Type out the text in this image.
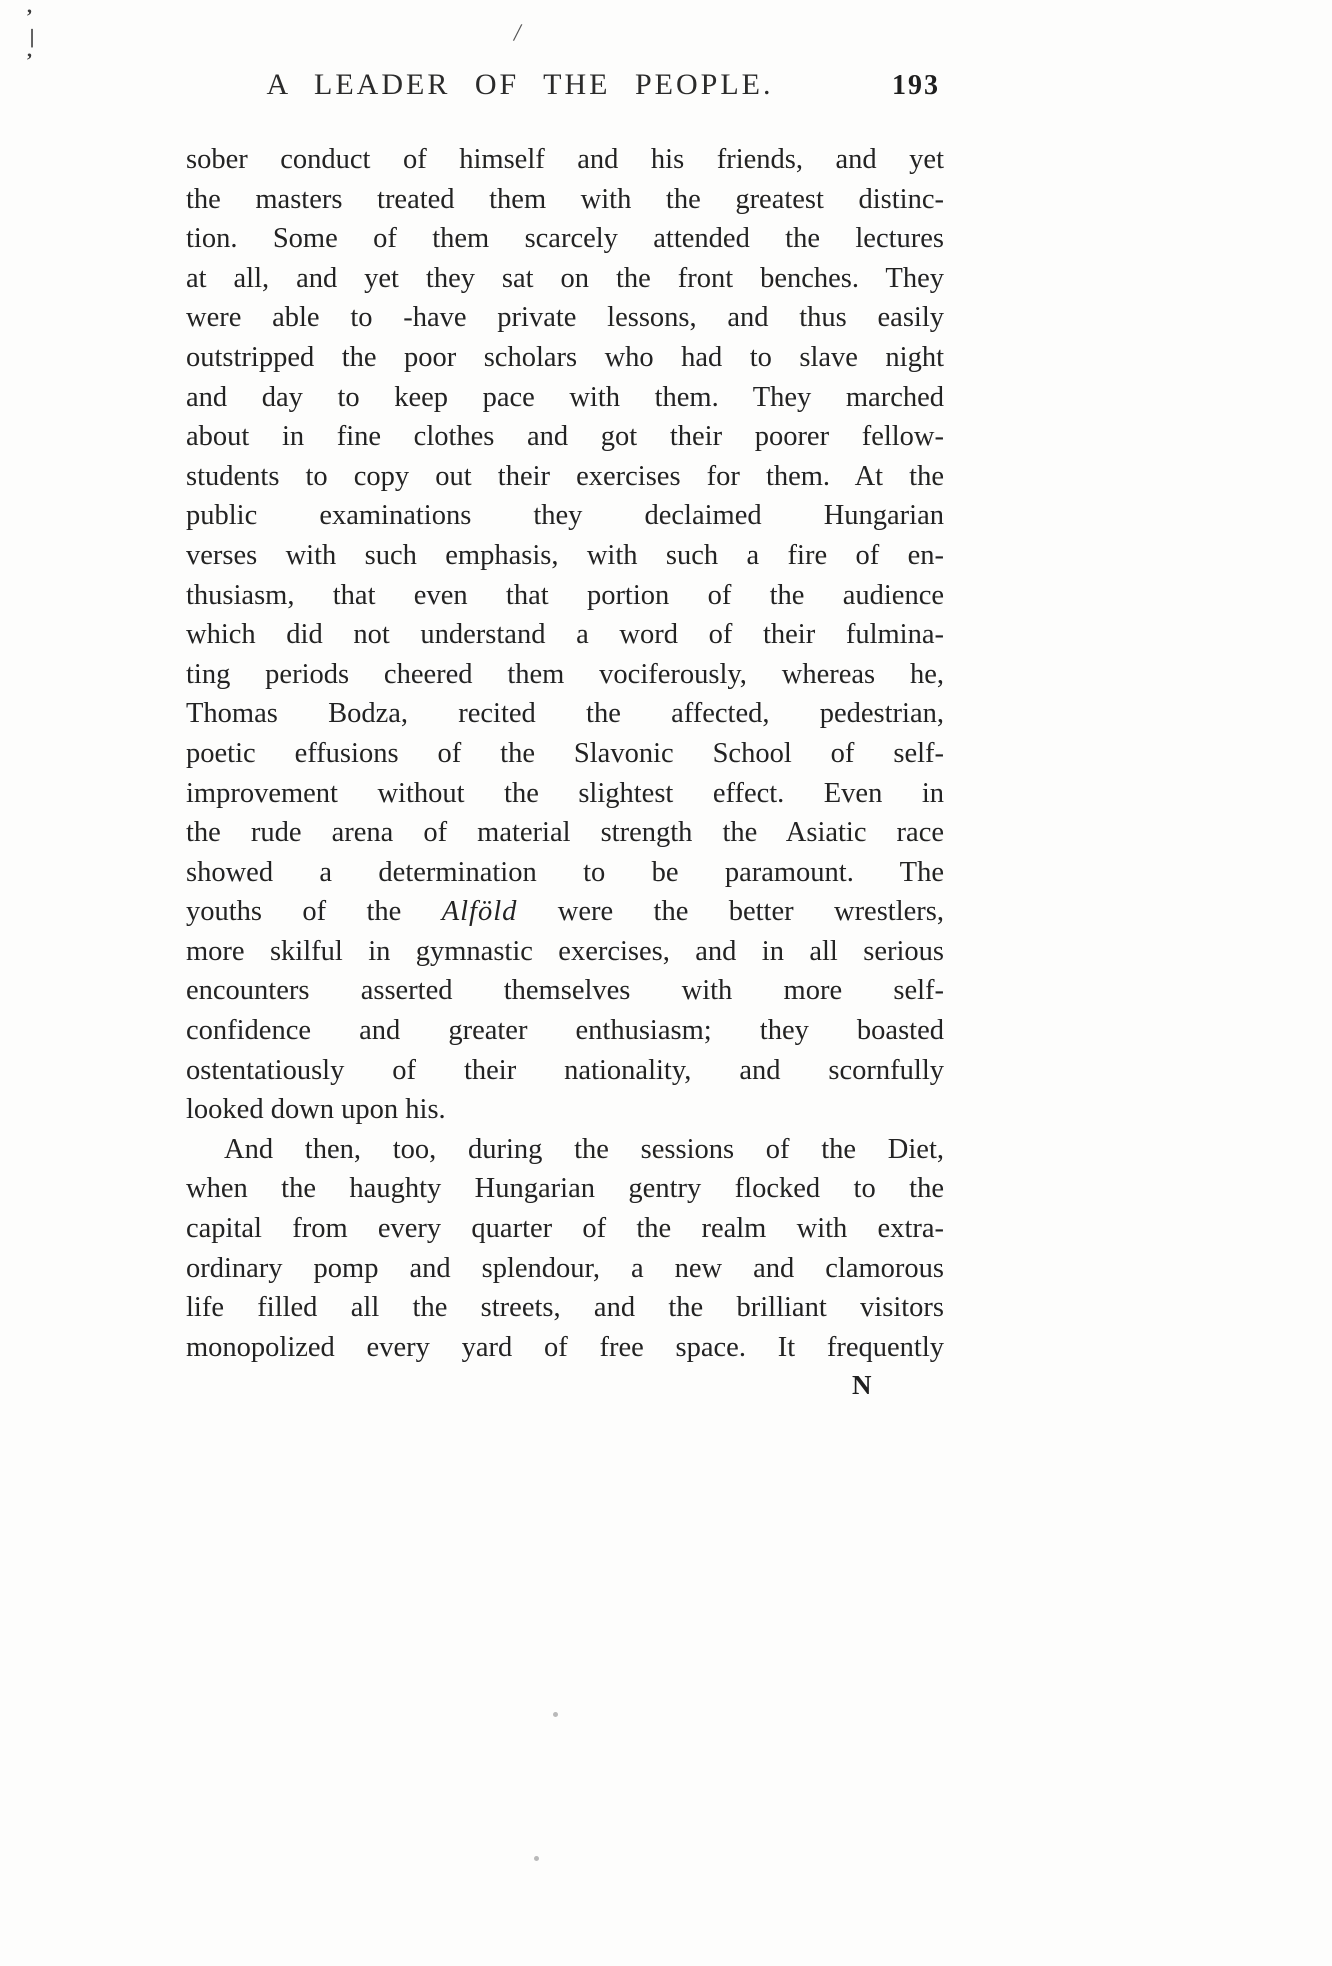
ʼ
ᛁ
ʼ
/
A LEADER OF THE PEOPLE.	193
sober conduct of himself and his friends, and yet
the masters treated them with the greatest distinc-
tion. Some of them scarcely attended the lectures
at all, and yet they sat on the front benches. They
were able to -have private lessons, and thus easily
outstripped the poor scholars who had to slave night
and day to keep pace with them. They marched
about in fine clothes and got their poorer fellow-
students to copy out their exercises for them. At the
public examinations they declaimed Hungarian
verses with such emphasis, with such a fire of en-
thusiasm, that even that portion of the audience
which did not understand a word of their fulmina-
ting periods cheered them vociferously, whereas he,
Thomas Bodza, recited the affected, pedestrian,
poetic effusions of the Slavonic School of self-
improvement without the slightest effect. Even in
the rude arena of material strength the Asiatic race
showed a determination to be paramount. The
youths of the Alföld were the better wrestlers,
more skilful in gymnastic exercises, and in all serious
encounters asserted themselves with more self-
confidence and greater enthusiasm; they boasted
ostentatiously of their nationality, and scornfully
looked down upon his.
And then, too, during the sessions of the Diet,
when the haughty Hungarian gentry flocked to the
capital from every quarter of the realm with extra-
ordinary pomp and splendour, a new and clamorous
life filled all the streets, and the brilliant visitors
monopolized every yard of free space. It frequently
N
